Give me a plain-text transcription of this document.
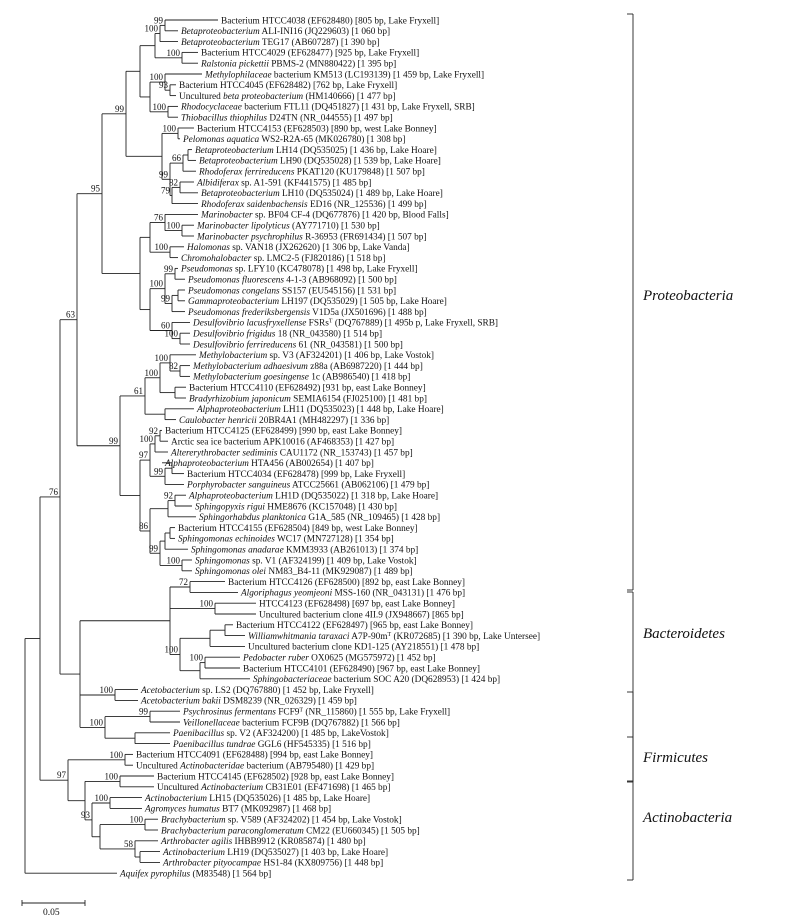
99
100
100
93
100
100
100
66
82
79
99
99
100
76
100
99
99
100
100
60
95
82
100
100
61
92
100
99
97
92
100
99
86
99
63
72
100
100
100
100
99
100
76
100
100
100
100
58
93
97
Bacterium HTCC4038 (EF628480) [805 bp, Lake Fryxell]
Betaproteobacterium ALI-INI16 (JQ229603) [1 060 bp]
Betaproteobacterium TEG17 (AB607287) [1 390 bp]
Bacterium HTCC4029 (EF628477) [925 bp, Lake Fryxell]
Ralstonia pickettii PBMS-2 (MN880422) [1 395 bp]
Methylophilaceae bacterium KM513 (LC193139) [1 459 bp, Lake Fryxell]
Bacterium HTCC4045 (EF628482) [762 bp, Lake Fryxell]
Uncultured beta proteobacterium (HM140666) [1 477 bp]
Rhodocyclaceae bacterium FTL11 (DQ451827) [1 431 bp, Lake Fryxell, SRB]
Thiobacillus thiophilus D24TN (NR_044555) [1 497 bp]
Bacterium HTCC4153 (EF628503) [890 bp, west Lake Bonney]
Pelomonas aquatica WS2-R2A-65 (MK026780) [1 308 bp]
Betaproteobacterium LH14 (DQ535025) [1 436 bp, Lake Hoare]
Betaproteobacterium LH90 (DQ535028) [1 539 bp, Lake Hoare]
Rhodoferax ferrireducens PKAT120 (KU179848) [1 507 bp]
Albidiferax sp. A1-591 (KF441575) [1 485 bp]
Betaproteobacterium LH10 (DQ535024) [1 489 bp, Lake Hoare]
Rhodoferax saidenbachensis ED16 (NR_125536) [1 499 bp]
Marinobacter sp. BF04 CF-4 (DQ677876) [1 420 bp, Blood Falls]
Marinobacter lipolyticus (AY771710) [1 530 bp]
Marinobacter psychrophilus R-36953 (FR691434) [1 507 bp]
Halomonas sp. VAN18 (JX262620) [1 306 bp, Lake Vanda]
Chromohalobacter sp. LMC2-5 (FJ820186) [1 518 bp]
Pseudomonas sp. LFY10 (KC478078) [1 498 bp, Lake Fryxell]
Pseudomonas fluorescens 4-1-3 (AB968092) [1 500 bp]
Pseudomonas congelans SS157 (EU545156) [1 531 bp]
Gammaproteobacterium LH197 (DQ535029) [1 505 bp, Lake Hoare]
Pseudomonas frederiksbergensis V1D5a (JX501696) [1 488 bp]
Desulfovibrio lacusfryxellense FSRs$^T$ (DQ767889) [1 495b p, Lake Fryxell, SRB]
Desulfovibrio frigidus 18 (NR_043580) [1 514 bp]
Desulfovibrio ferrireducens 61 (NR_043581) [1 500 bp]
Methylobacterium sp. V3 (AF324201) [1 406 bp, Lake Vostok]
Methylobacterium adhaesivum z88a (AB6987220) [1 444 bp]
Methylobacterium goesingense 1c (AB986540) [1 418 bp]
Bacterium HTCC4110 (EF628492) [931 bp, east Lake Bonney]
Bradyrhizobium japonicum SEMIA6154 (FJ025100) [1 481 bp]
Alphaproteobacterium LH11 (DQ535023) [1 448 bp, Lake Hoare]
Caulobacter henricii 20BR4A1 (MH482297) [1 336 bp]
Bacterium HTCC4125 (EF628499) [990 bp, east Lake Bonney]
Arctic sea ice bacterium APK10016 (AF468353) [1 427 bp]
Altererythrobacter sediminis CAU1172 (NR_153743) [1 457 bp]
Alphaproteobacterium HTA456 (AB002654) [1 407 bp]
Bacterium HTCC4034 (EF628478) [999 bp, Lake Fryxell]
Porphyrobacter sanguineus ATCC25661 (AB062106) [1 479 bp]
Alphaproteobacterium LH1D (DQ535022) [1 318 bp, Lake Hoare]
Sphingopyxis rigui HME8676 (KC157048) [1 430 bp]
Sphingorhabdus planktonica G1A_585 (NR_109465) [1 428 bp]
Bacterium HTCC4155 (EF628504) [849 bp, west Lake Bonney]
Sphingomonas echinoides WC17 (MN727128) [1 354 bp]
Sphingomonas anadarae KMM3933 (AB261013) [1 374 bp]
Sphingomonas sp. V1 (AF324199) [1 409 bp, Lake Vostok]
Sphingomonas olei NM83_B4-11 (MK929087) [1 489 bp]
Bacterium HTCC4126 (EF628500) [892 bp, east Lake Bonney]
Algoriphagus yeomjeoni MSS-160 (NR_043131) [1 476 bp]
HTCC4123 (EF628498) [697 bp, east Lake Bonney]
Uncultured bacterium clone 4II.9 (JX948667) [865 bp]
Bacterium HTCC4122 (EF628497) [965 bp, east Lake Bonney]
Williamwhitmania taraxaci $A7P-90m^T$ (KR072685) [1 390 bp, Lake Untersee]
Uncultured bacterium clone KD1-125 (AY218551) [1 478 bp]
Pedobacter ruber OX0625 (MG575972) [1 452 bp]
Bacterium HTCC4101 (EF628490) [967 bp, east Lake Bonney]
Sphingobacteriaceae bacterium SOC A20 (DQ628953) [1 424 bp]
Acetobacterium sp. LS2 (DQ767880) [1 452 bp, Lake Fryxell]
Acetobacterium bakii DSM8239 (NR_026329) [1 459 bp]
Psychrosinus fermentans $FCF9^T$ (NR_115860) [1 555 bp, Lake Fryxell]
Veillonellaceae bacterium FCF9B (DQ767882) [1 566 bp]
Paenibacillus sp. V2 (AF324200) [1 485 bp, LakeVostok]
Paenibacillus tundrae GGL6 (HF545335) [1 516 bp]
Bacterium HTCC4091 (EF628488) [994 bp, east Lake Bonney]
Uncultured Actinobacteridae bacterium (AB795480) [1 429 bp]
Bacterium HTCC4145 (EF628502) [928 bp, east Lake Bonney]
Uncultured Actinobacterium CB31E01 (EF471698) [1 465 bp]
Actinobacterium LH15 (DQ535026) [1 485 bp, Lake Hoare]
Agromyces humatus BT7 (MK092987) [1 468 bp]
Brachybacterium sp. V589 (AF324202) [1 454 bp, Lake Vostok]
Brachybacterium paraconglomeratum CM22 (EU660345) [1 505 bp]
Arthrobacter agilis IHBB9912 (KR085874) [1 480 bp]
Actinobacterium LH19 (DQ535027) [1 403 bp, Lake Hoare]
Arthrobacter pityocampae HS1-84 (KX809756) [1 448 bp]
Aquifex pyrophilus (M83548) [1 564 bp]
Proteobacteria
Bacteroidetes
Firmicutes
Actinobacteria
0.05
